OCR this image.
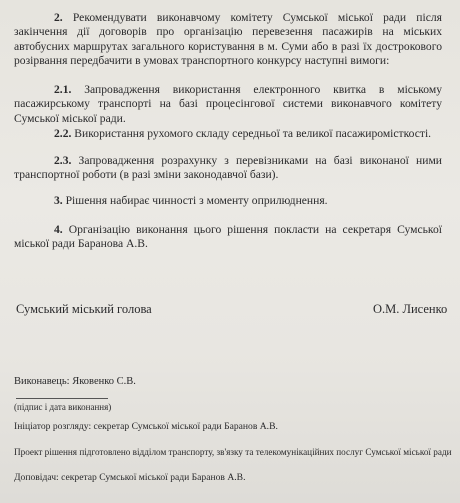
2. Рекомендувати виконавчому комітету Сумської міської ради після закінчення дії договорів про організацію перевезення пасажирів на міських автобусних маршрутах загального користування в м. Суми або в разі їх дострокового розірвання передбачити в умовах транспортного конкурсу наступні вимоги:

2.1. Запровадження використання електронного квитка в міському пасажирському транспорті на базі процесінгової системи виконавчого комітету Сумської міської ради.

2.2. Використання рухомого складу середньої та великої пасажиромісткості.

2.3. Запровадження розрахунку з перевізниками на базі виконаної ними транспортної роботи (в разі зміни законодавчої бази).

3. Рішення набирає чинності з моменту оприлюднення.

4. Організацію виконання цього рішення покласти на секретаря Сумської міської ради Баранова А.В.

Сумський міський голова	О.М. Лисенко
Виконавець: Яковенко С.В.
(підпис і дата виконання)
Ініціатор розгляду: секретар Сумської міської ради Баранов А.В.
Проект рішення підготовлено відділом транспорту, зв'язку та телекомунікаційних послуг Сумської міської ради
Доповідач: секретар Сумської міської ради Баранов А.В.
